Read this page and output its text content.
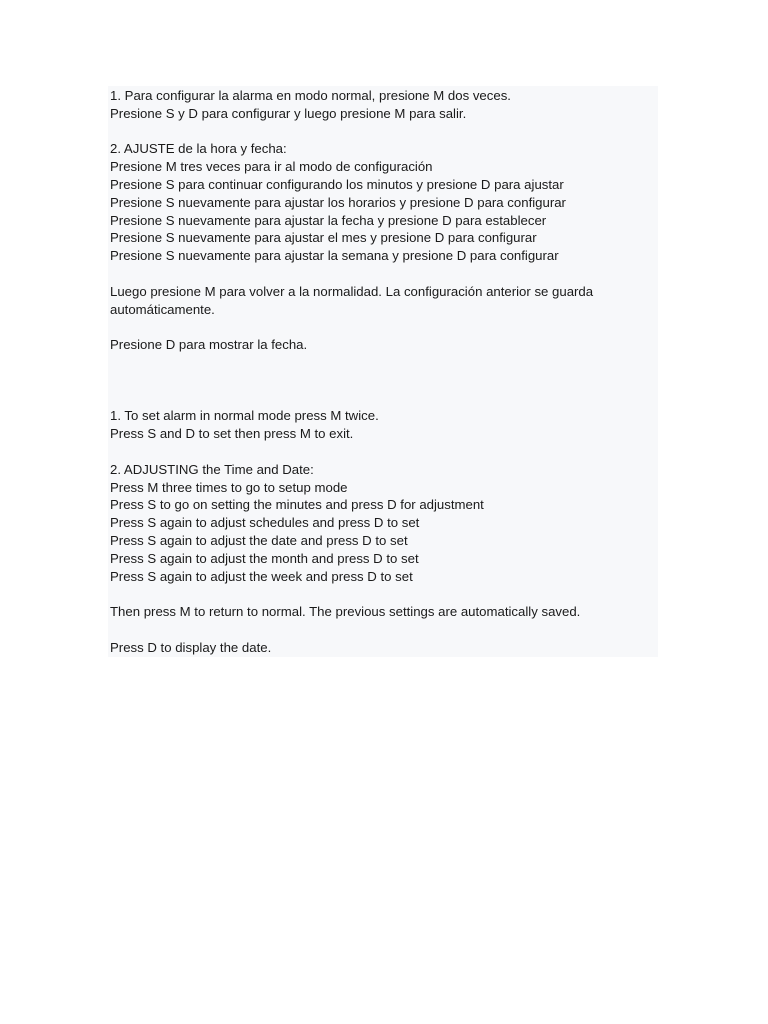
1. Para configurar la alarma en modo normal, presione M dos veces.
Presione S y D para configurar y luego presione M para salir.
2. AJUSTE de la hora y fecha:
Presione M tres veces para ir al modo de configuración
Presione S para continuar configurando los minutos y presione D para ajustar
Presione S nuevamente para ajustar los horarios y presione D para configurar
Presione S nuevamente para ajustar la fecha y presione D para establecer
Presione S nuevamente para ajustar el mes y presione D para configurar
Presione S nuevamente para ajustar la semana y presione D para configurar
Luego presione M para volver a la normalidad. La configuración anterior se guarda
automáticamente.
Presione D para mostrar la fecha.
1. To set alarm in normal mode press M twice.
Press S and D to set then press M to exit.
2. ADJUSTING the Time and Date:
Press M three times to go to setup mode
Press S to go on setting the minutes and press D for adjustment
Press S again to adjust schedules and press D to set
Press S again to adjust the date and press D to set
Press S again to adjust the month and press D to set
Press S again to adjust the week and press D to set
Then press M to return to normal. The previous settings are automatically saved.
Press D to display the date.
